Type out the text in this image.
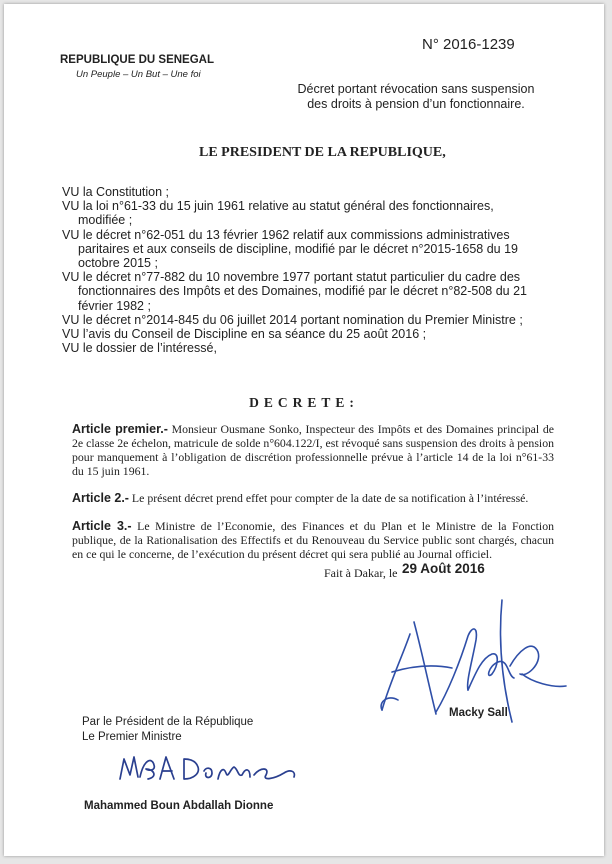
N° 2016-1239
REPUBLIQUE DU SENEGAL
Un Peuple – Un But – Une foi
Décret portant révocation sans suspension
des droits à pension d’un fonctionnaire.
LE PRESIDENT DE LA REPUBLIQUE,
VU la Constitution ;
VU la loi n°61-33 du 15 juin 1961 relative au statut général des fonctionnaires, modifiée ;
VU le décret n°62-051 du 13 février 1962 relatif aux commissions administratives paritaires et aux conseils de discipline, modifié par le décret n°2015-1658 du 19 octobre 2015 ;
VU le décret n°77-882 du 10 novembre 1977 portant statut particulier du cadre des fonctionnaires des Impôts et des Domaines, modifié par le décret n°82-508 du 21 février 1982 ;
VU le décret n°2014-845 du 06 juillet 2014 portant nomination du Premier Ministre ;
VU l’avis du Conseil de Discipline en sa séance du 25 août 2016 ;
VU le dossier de l’intéressé,
DECRETE:
Article premier.- Monsieur Ousmane Sonko, Inspecteur des Impôts et des Domaines principal de 2e classe 2e échelon, matricule de solde n°604.122/I, est révoqué sans suspension des droits à pension pour manquement à l’obligation de discrétion professionnelle prévue à l’article 14 de la loi n°61-33 du 15 juin 1961.
Article 2.- Le présent décret prend effet pour compter de la date de sa notification à l’intéressé.
Article 3.- Le Ministre de l’Economie, des Finances et du Plan et le Ministre de la Fonction publique, de la Rationalisation des Effectifs et du Renouveau du Service public sont chargés, chacun en ce qui le concerne, de l’exécution du présent décret qui sera publié au Journal officiel.
Fait à Dakar, le 29 Août 2016
Macky Sall
Par le Président de la République
Le Premier Ministre
Mahammed Boun Abdallah Dionne
